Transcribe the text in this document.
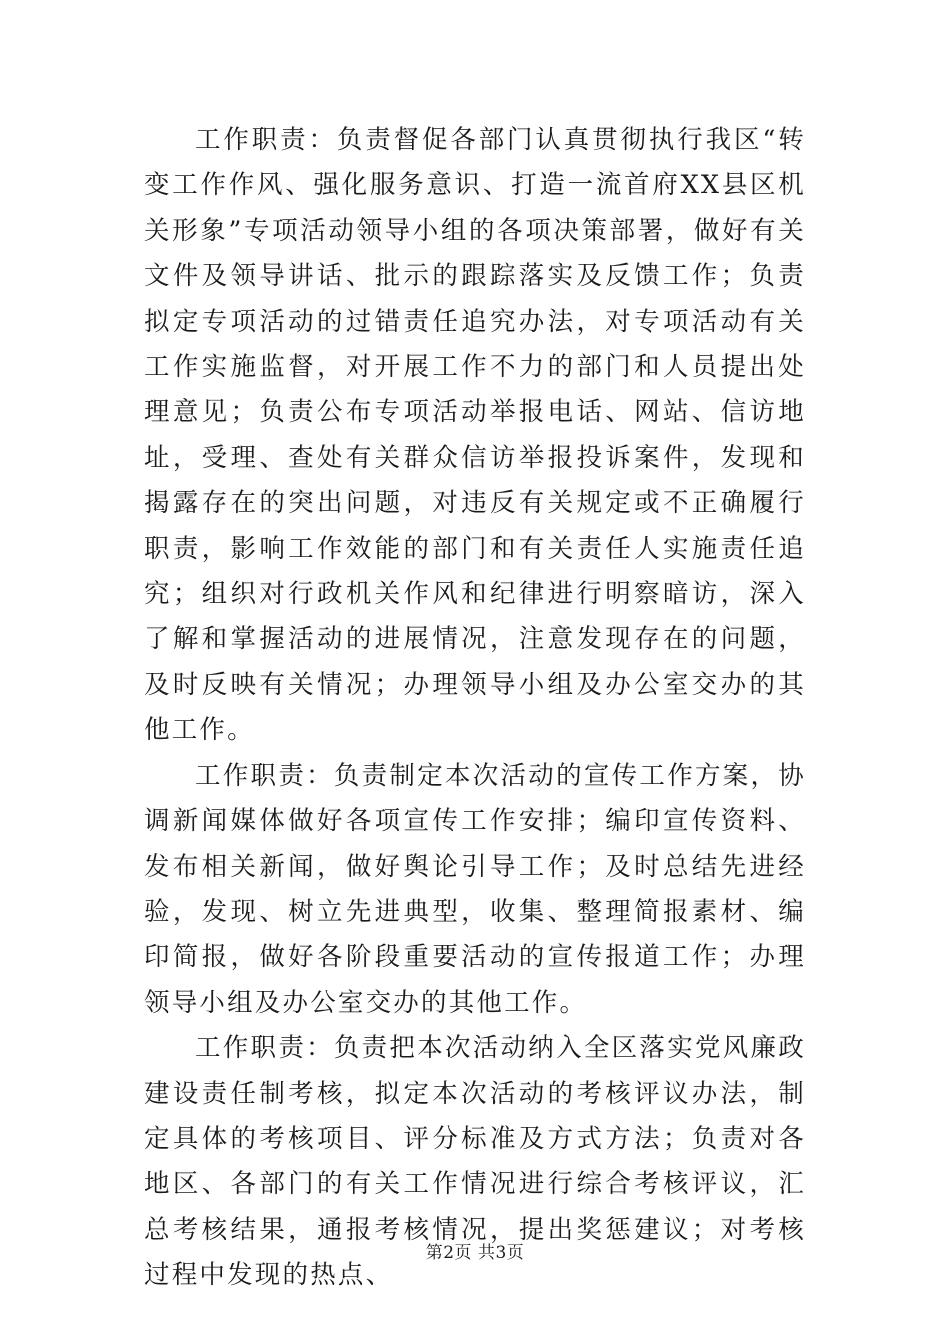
工作职责：负责督促各部门认真贯彻执行我区“转变工作作风、强化服务意识、打造一流首府XX县区机关形象”专项活动领导小组的各项决策部署，做好有关文件及领导讲话、批示的跟踪落实及反馈工作；负责拟定专项活动的过错责任追究办法，对专项活动有关工作实施监督，对开展工作不力的部门和人员提出处理意见；负责公布专项活动举报电话、网站、信访地址，受理、查处有关群众信访举报投诉案件，发现和揭露存在的突出问题，对违反有关规定或不正确履行职责，影响工作效能的部门和有关责任人实施责任追究；组织对行政机关作风和纪律进行明察暗访，深入了解和掌握活动的进展情况，注意发现存在的问题，及时反映有关情况；办理领导小组及办公室交办的其他工作。

工作职责：负责制定本次活动的宣传工作方案，协调新闻媒体做好各项宣传工作安排；编印宣传资料、发布相关新闻，做好舆论引导工作；及时总结先进经验，发现、树立先进典型，收集、整理简报素材、编印简报，做好各阶段重要活动的宣传报道工作；办理领导小组及办公室交办的其他工作。

工作职责：负责把本次活动纳入全区落实党风廉政建设责任制考核，拟定本次活动的考核评议办法，制定具体的考核项目、评分标准及方式方法；负责对各地区、各部门的有关工作情况进行综合考核评议，汇总考核结果，通报考核情况，提出奖惩建议；对考核过程中发现的热点、

第2页 共3页
